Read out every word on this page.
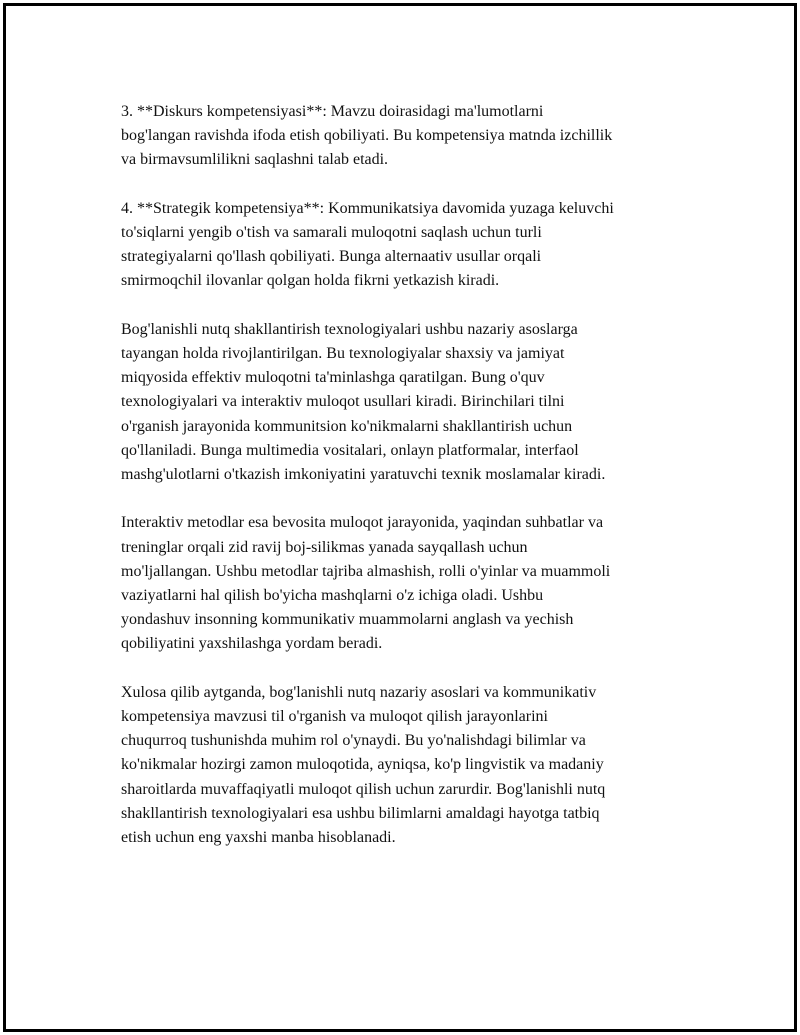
3. **Diskurs kompetensiyasi**: Mavzu doirasidagi ma'lumotlarni
bog'langan ravishda ifoda etish qobiliyati. Bu kompetensiya matnda izchillik
va birmavsumlilikni saqlashni talab etadi.

4. **Strategik kompetensiya**: Kommunikatsiya davomida yuzaga keluvchi
to'siqlarni yengib o'tish va samarali muloqotni saqlash uchun turli
strategiyalarni qo'llash qobiliyati. Bunga alternaativ usullar orqali
smirmoqchil ilovanlar qolgan holda fikrni yetkazish kiradi.

Bog'lanishli nutq shakllantirish texnologiyalari ushbu nazariy asoslarga
tayangan holda rivojlantirilgan. Bu texnologiyalar shaxsiy va jamiyat
miqyosida effektiv muloqotni ta'minlashga qaratilgan. Bung o'quv
texnologiyalari va interaktiv muloqot usullari kiradi. Birinchilari tilni
o'rganish jarayonida kommunitsion ko'nikmalarni shakllantirish uchun
qo'llaniladi. Bunga multimedia vositalari, onlayn platformalar, interfaol
mashg'ulotlarni o'tkazish imkoniyatini yaratuvchi texnik moslamalar kiradi.

Interaktiv metodlar esa bevosita muloqot jarayonida, yaqindan suhbatlar va
treninglar orqali zid ravij boj-silikmas yanada sayqallash uchun
mo'ljallangan. Ushbu metodlar tajriba almashish, rolli o'yinlar va muammoli
vaziyatlarni hal qilish bo'yicha mashqlarni o'z ichiga oladi. Ushbu
yondashuv insonning kommunikativ muammolarni anglash va yechish
qobiliyatini yaxshilashga yordam beradi.

Xulosa qilib aytganda, bog'lanishli nutq nazariy asoslari va kommunikativ
kompetensiya mavzusi til o'rganish va muloqot qilish jarayonlarini
chuqurroq tushunishda muhim rol o'ynaydi. Bu yo'nalishdagi bilimlar va
ko'nikmalar hozirgi zamon muloqotida, ayniqsa, ko'p lingvistik va madaniy
sharoitlarda muvaffaqiyatli muloqot qilish uchun zarurdir. Bog'lanishli nutq
shakllantirish texnologiyalari esa ushbu bilimlarni amaldagi hayotga tatbiq
etish uchun eng yaxshi manba hisoblanadi.
